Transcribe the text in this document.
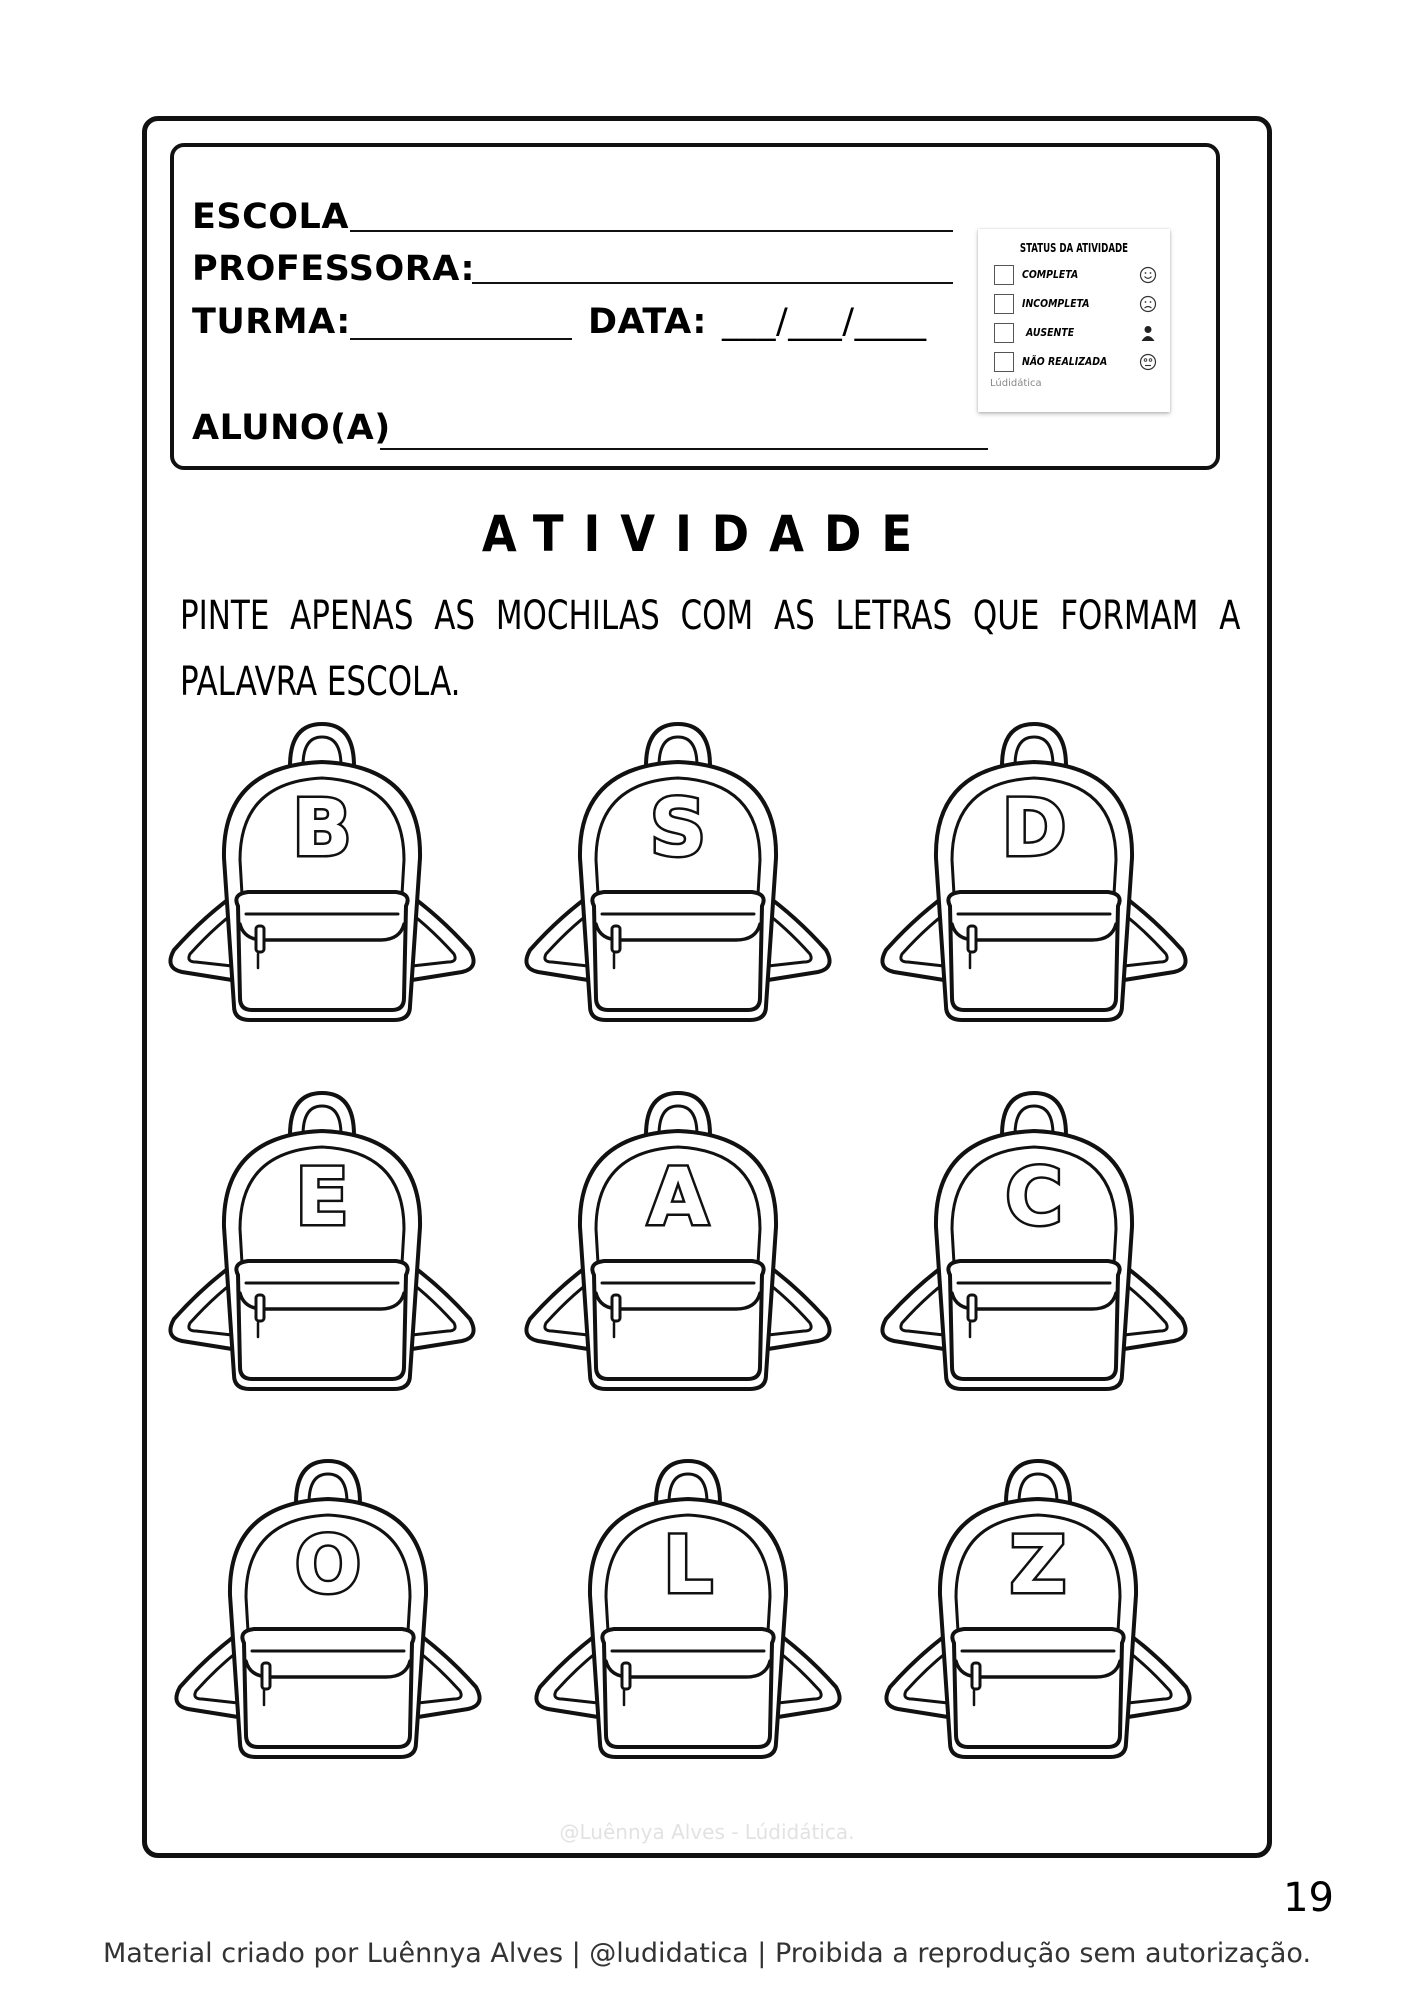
ESCOLA
PROFESSORA:
TURMA:	DATA: ___/___/____
ALUNO(A)
STATUS DA ATIVIDADE
COMPLETA
INCOMPLETA
AUSENTE
NÃO REALIZADA
Lúdidática
ATIVIDADE
PINTE APENAS AS MOCHILAS COM AS LETRAS QUE FORMAM A PALAVRA ESCOLA.
B	S	D
E	A	C
O	L	Z
@Luênnya Alves - Lúdidática.
19
Material criado por Luênnya Alves | @ludidatica | Proibida a reprodução sem autorização.
